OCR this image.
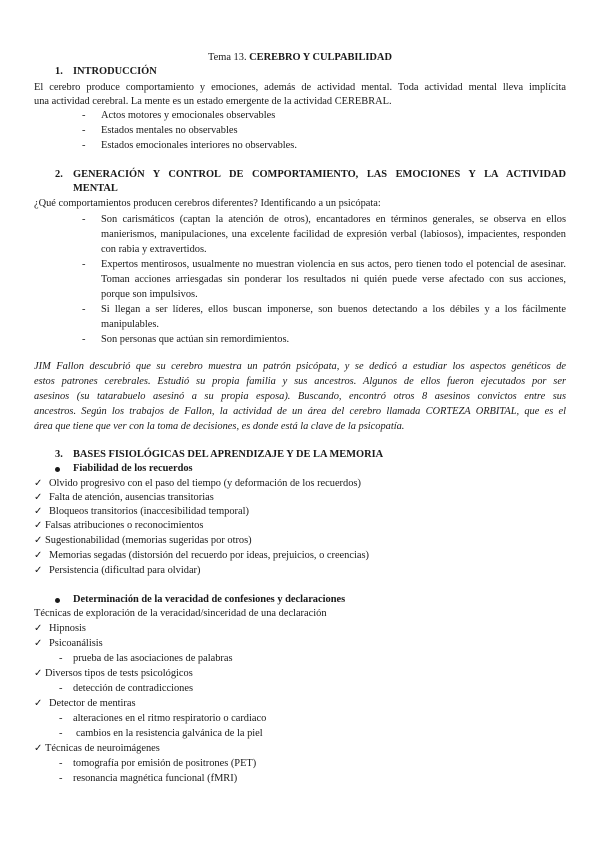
Tema 13. CEREBRO Y CULPABILIDAD
1. INTRODUCCIÓN
El cerebro produce comportamiento y emociones, además de actividad mental. Toda actividad mental lleva implícita
una actividad cerebral. La mente es un estado emergente de la actividad CEREBRAL.
- Actos motores y emocionales observables
- Estados mentales no observables
- Estados emocionales interiores no observables.
2. GENERACIÓN Y CONTROL DE COMPORTAMIENTO, LAS EMOCIONES Y LA ACTIVIDAD
MENTAL
¿Qué comportamientos producen cerebros diferentes? Identificando a un psicópata:
- Son carismáticos (captan la atención de otros), encantadores en términos generales, se observa en ellos
manierismos, manipulaciones, una excelente facilidad de expresión verbal (labiosos), impacientes, responden
con rabia y extravertidos.
- Expertos mentirosos, usualmente no muestran violencia en sus actos, pero tienen todo el potencial de asesinar.
Toman acciones arriesgadas sin ponderar los resultados ni quién puede verse afectado con sus acciones,
porque son impulsivos.
- Si llegan a ser líderes, ellos buscan imponerse, son buenos detectando a los débiles y a los fácilmente
manipulables.
- Son personas que actúan sin remordimientos.
JIM Fallon descubrió que su cerebro muestra un patrón psicópata, y se dedicó a estudiar los aspectos genéticos de
estos patrones cerebrales. Estudió su propia familia y sus ancestros. Algunos de ellos fueron ejecutados por ser
asesinos (su tatarabuelo asesinó a su propia esposa). Buscando, encontró otros 8 asesinos convictos entre sus
ancestros. Según los trabajos de Fallon, la actividad de un área del cerebro llamada CORTEZA ORBITAL, que es el
área que tiene que ver con la toma de decisiones, es donde está la clave de la psicopatía.
3. BASES FISIOLÓGICAS DEL APRENDIZAJE Y DE LA MEMORIA
Fiabilidad de los recuerdos
✓ Olvido progresivo con el paso del tiempo (y deformación de los recuerdos)
✓ Falta de atención, ausencias transitorias
✓ Bloqueos transitorios (inaccesibilidad temporal)
✓ Falsas atribuciones o reconocimientos
✓ Sugestionabilidad (memorias sugeridas por otros)
✓ Memorias segadas (distorsión del recuerdo por ideas, prejuicios, o creencias)
✓ Persistencia (dificultad para olvidar)
Determinación de la veracidad de confesiones y declaraciones
Técnicas de exploración de la veracidad/sinceridad de una declaración
✓ Hipnosis
✓ Psicoanálisis
- prueba de las asociaciones de palabras
✓ Diversos tipos de tests psicológicos
- detección de contradicciones
✓ Detector de mentiras
- alteraciones en el ritmo respiratorio o cardiaco
- cambios en la resistencia galvánica de la piel
✓ Técnicas de neuroimágenes
- tomografía por emisión de positrones (PET)
- resonancia magnética funcional (fMRI)
